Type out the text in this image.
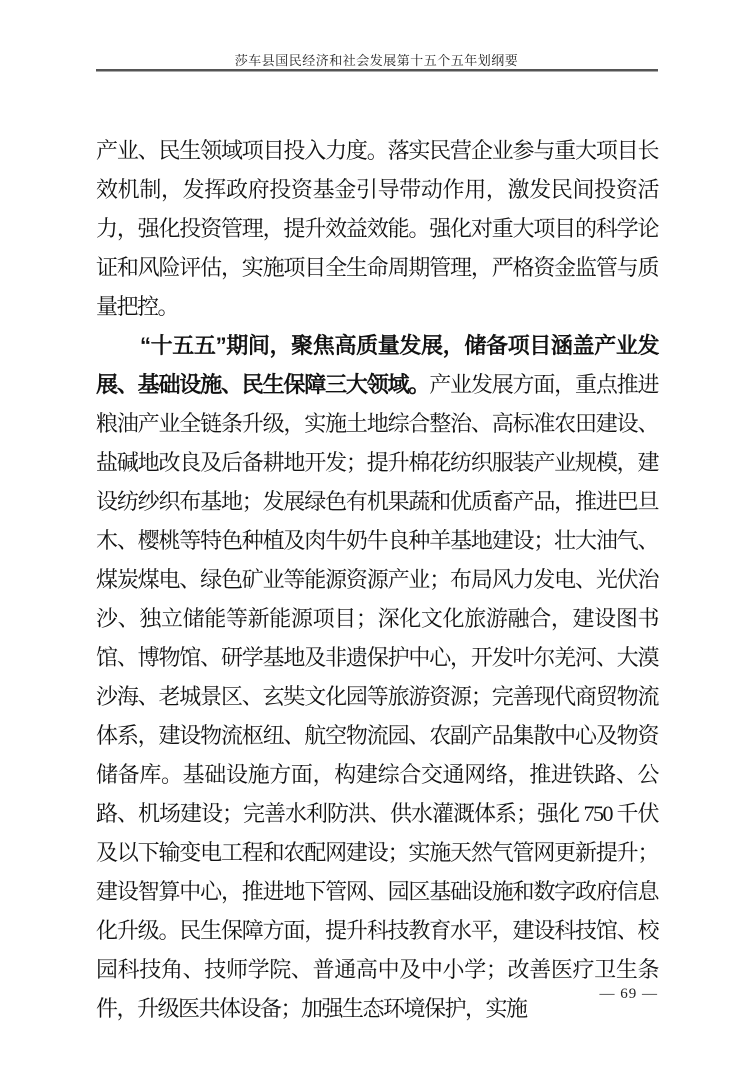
莎车县国民经济和社会发展第十五个五年划纲要

产业、民生领域项目投入力度。落实民营企业参与重大项目长效机制，发挥政府投资基金引导带动作用，激发民间投资活力，强化投资管理，提升效益效能。强化对重大项目的科学论证和风险评估，实施项目全生命周期管理，严格资金监管与质量把控。

“十五五”期间，聚焦高质量发展，储备项目涵盖产业发展、基础设施、民生保障三大领域。产业发展方面，重点推进粮油产业全链条升级，实施土地综合整治、高标准农田建设、盐碱地改良及后备耕地开发；提升棉花纺织服装产业规模，建设纺纱织布基地；发展绿色有机果蔬和优质畜产品，推进巴旦木、樱桃等特色种植及肉牛奶牛良种羊基地建设；壮大油气、煤炭煤电、绿色矿业等能源资源产业；布局风力发电、光伏治沙、独立储能等新能源项目；深化文化旅游融合，建设图书馆、博物馆、研学基地及非遗保护中心，开发叶尔羌河、大漠沙海、老城景区、玄奘文化园等旅游资源；完善现代商贸物流体系，建设物流枢纽、航空物流园、农副产品集散中心及物资储备库。基础设施方面，构建综合交通网络，推进铁路、公路、机场建设；完善水利防洪、供水灌溉体系；强化 750 千伏及以下输变电工程和农配网建设；实施天然气管网更新提升；建设智算中心，推进地下管网、园区基础设施和数字政府信息化升级。民生保障方面，提升科技教育水平，建设科技馆、校园科技角、技师学院、普通高中及中小学；改善医疗卫生条件，升级医共体设备；加强生态环境保护，实施

— 69 —
